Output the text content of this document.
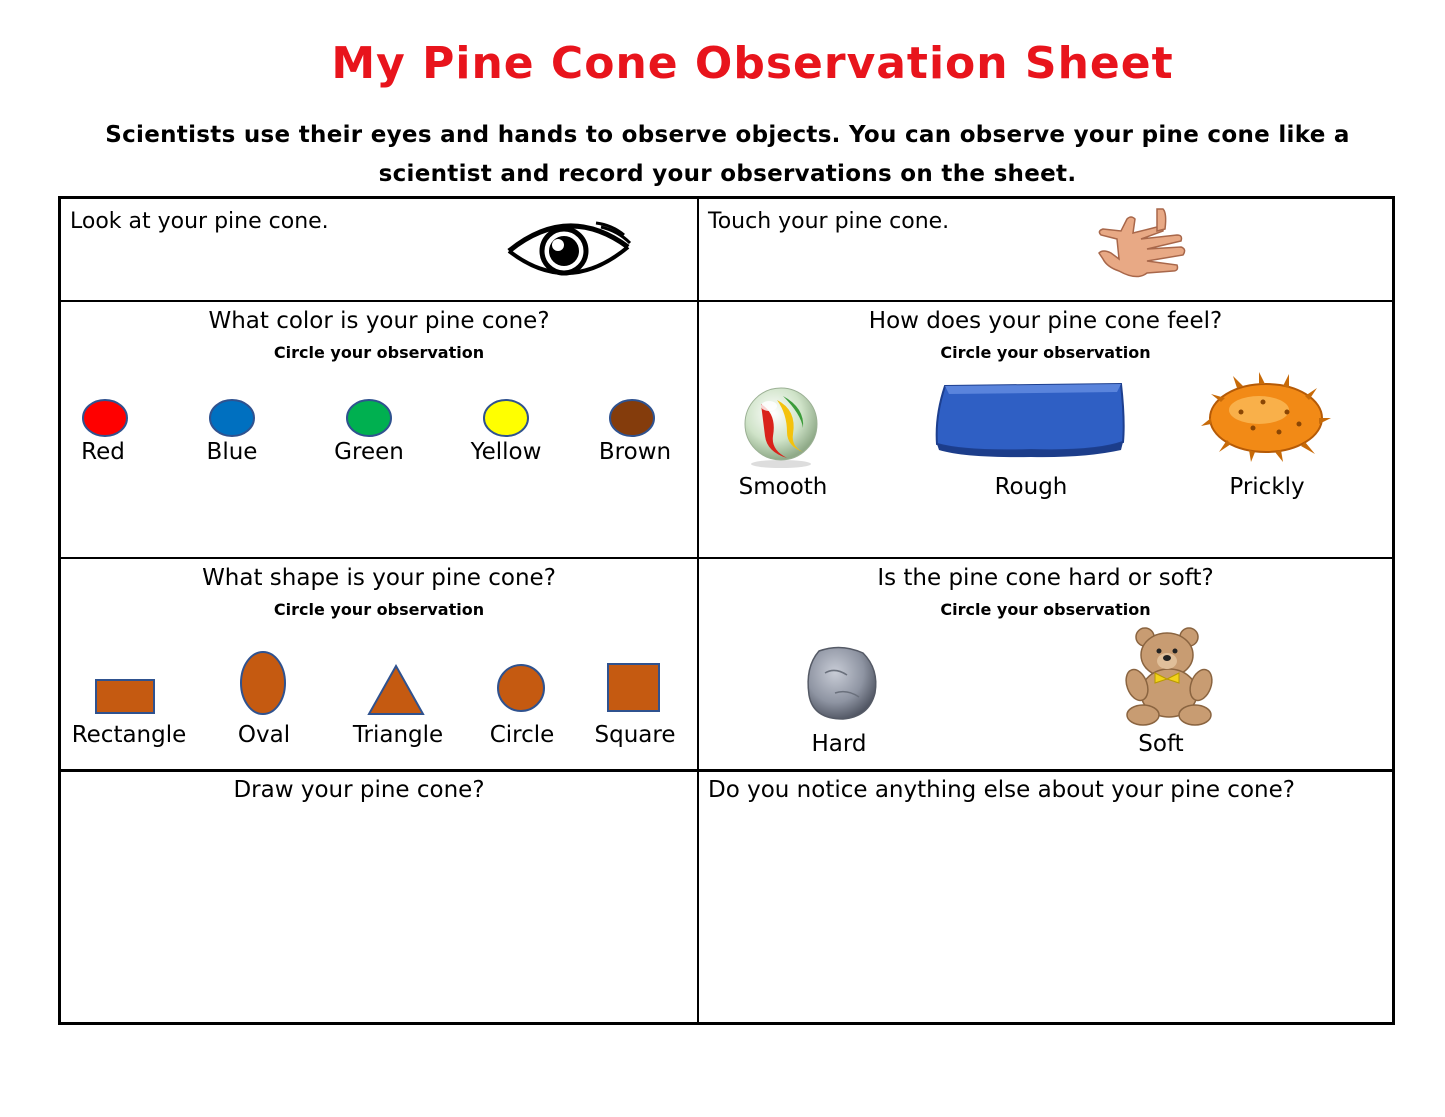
My Pine Cone Observation Sheet
Scientists use their eyes and hands to observe objects. You can observe your pine cone like a scientist and record your observations on the sheet.
Look at your pine cone.	Touch your pine cone.
What color is your pine cone?
Circle your observation
Red	Blue	Green	Yellow	Brown
How does your pine cone feel?
Circle your observation
Smooth	Rough	Prickly
What shape is your pine cone?
Circle your observation
Rectangle	Oval	Triangle	Circle	Square
Is the pine cone hard or soft?
Circle your observation
Hard	Soft
Draw your pine cone?	Do you notice anything else about your pine cone?
